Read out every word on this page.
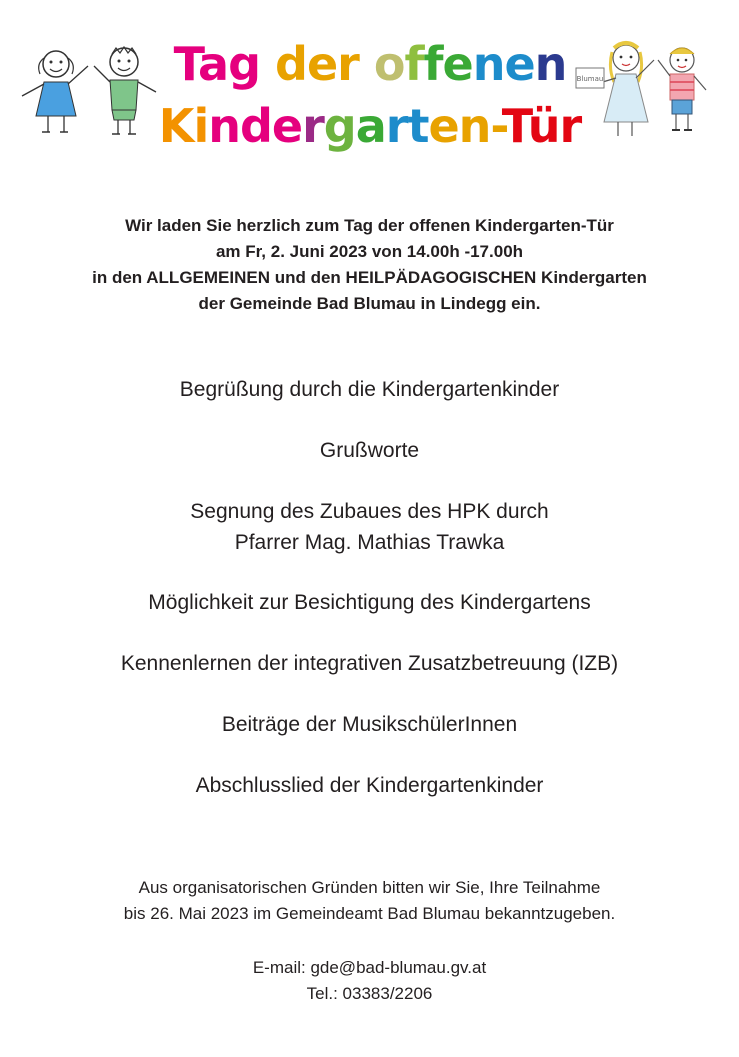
Tag der offenen
Kindergarten-Tür
Blumau
Wir laden Sie herzlich zum Tag der offenen Kindergarten-Tür
am Fr, 2. Juni 2023 von 14.00h -17.00h
in den ALLGEMEINEN und den HEILPÄDAGOGISCHEN Kindergarten
der Gemeinde Bad Blumau in Lindegg ein.
Begrüßung durch die Kindergartenkinder
Grußworte
Segnung des Zubaues des HPK durch
Pfarrer Mag. Mathias Trawka
Möglichkeit zur Besichtigung des Kindergartens
Kennenlernen der integrativen Zusatzbetreuung (IZB)
Beiträge der MusikschülerInnen
Abschlusslied der Kindergartenkinder
Aus organisatorischen Gründen bitten wir Sie, Ihre Teilnahme
bis 26. Mai 2023 im Gemeindeamt Bad Blumau bekanntzugeben.
E-mail: gde@bad-blumau.gv.at
Tel.: 03383/2206
